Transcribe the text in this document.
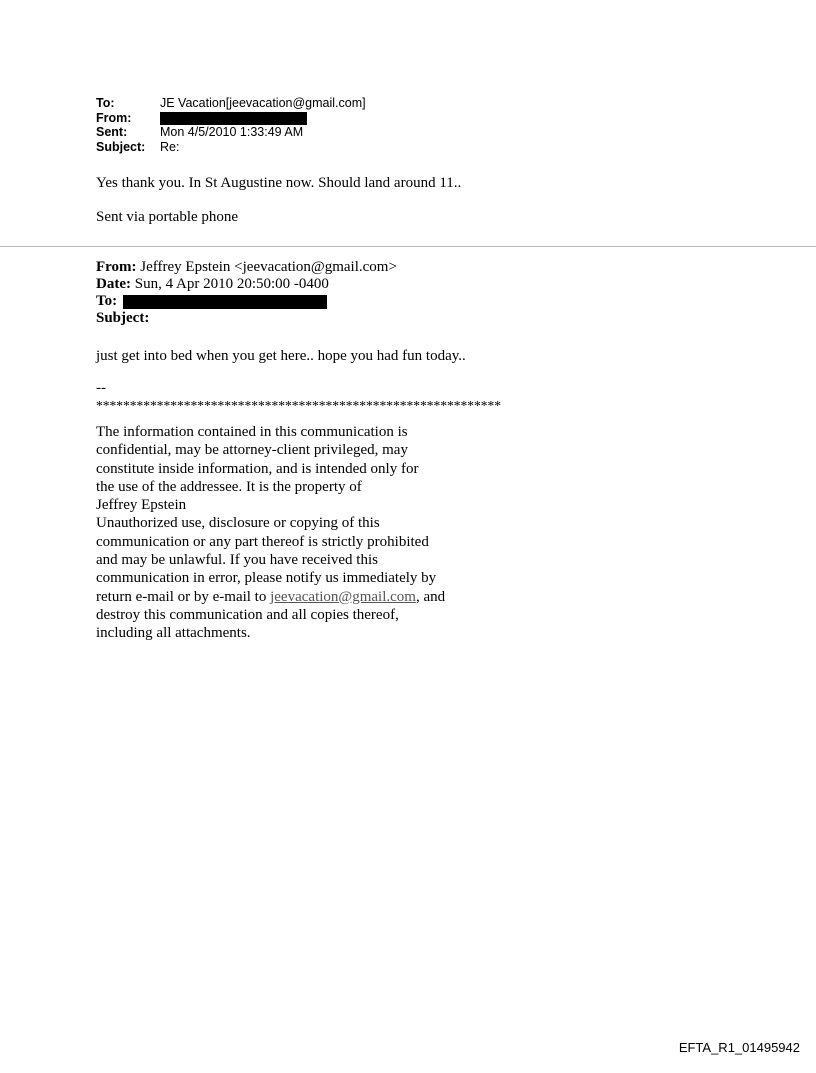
To:	JE Vacation[jeevacation@gmail.com]
From:
Sent:	Mon 4/5/2010 1:33:49 AM
Subject:	Re:
Yes thank you. In St Augustine now. Should land around 11..
Sent via portable phone
From: Jeffrey Epstein <jeevacation@gmail.com>
Date: Sun, 4 Apr 2010 20:50:00 -0400
To:
Subject:
just get into bed when you get here.. hope you had fun today..
--
************************************************************
The information contained in this communication is
confidential, may be attorney-client privileged, may
constitute inside information, and is intended only for
the use of the addressee. It is the property of
Jeffrey Epstein
Unauthorized use, disclosure or copying of this
communication or any part thereof is strictly prohibited
and may be unlawful. If you have received this
communication in error, please notify us immediately by
return e-mail or by e-mail to jeevacation@gmail.com, and
destroy this communication and all copies thereof,
including all attachments.
EFTA_R1_01495942
